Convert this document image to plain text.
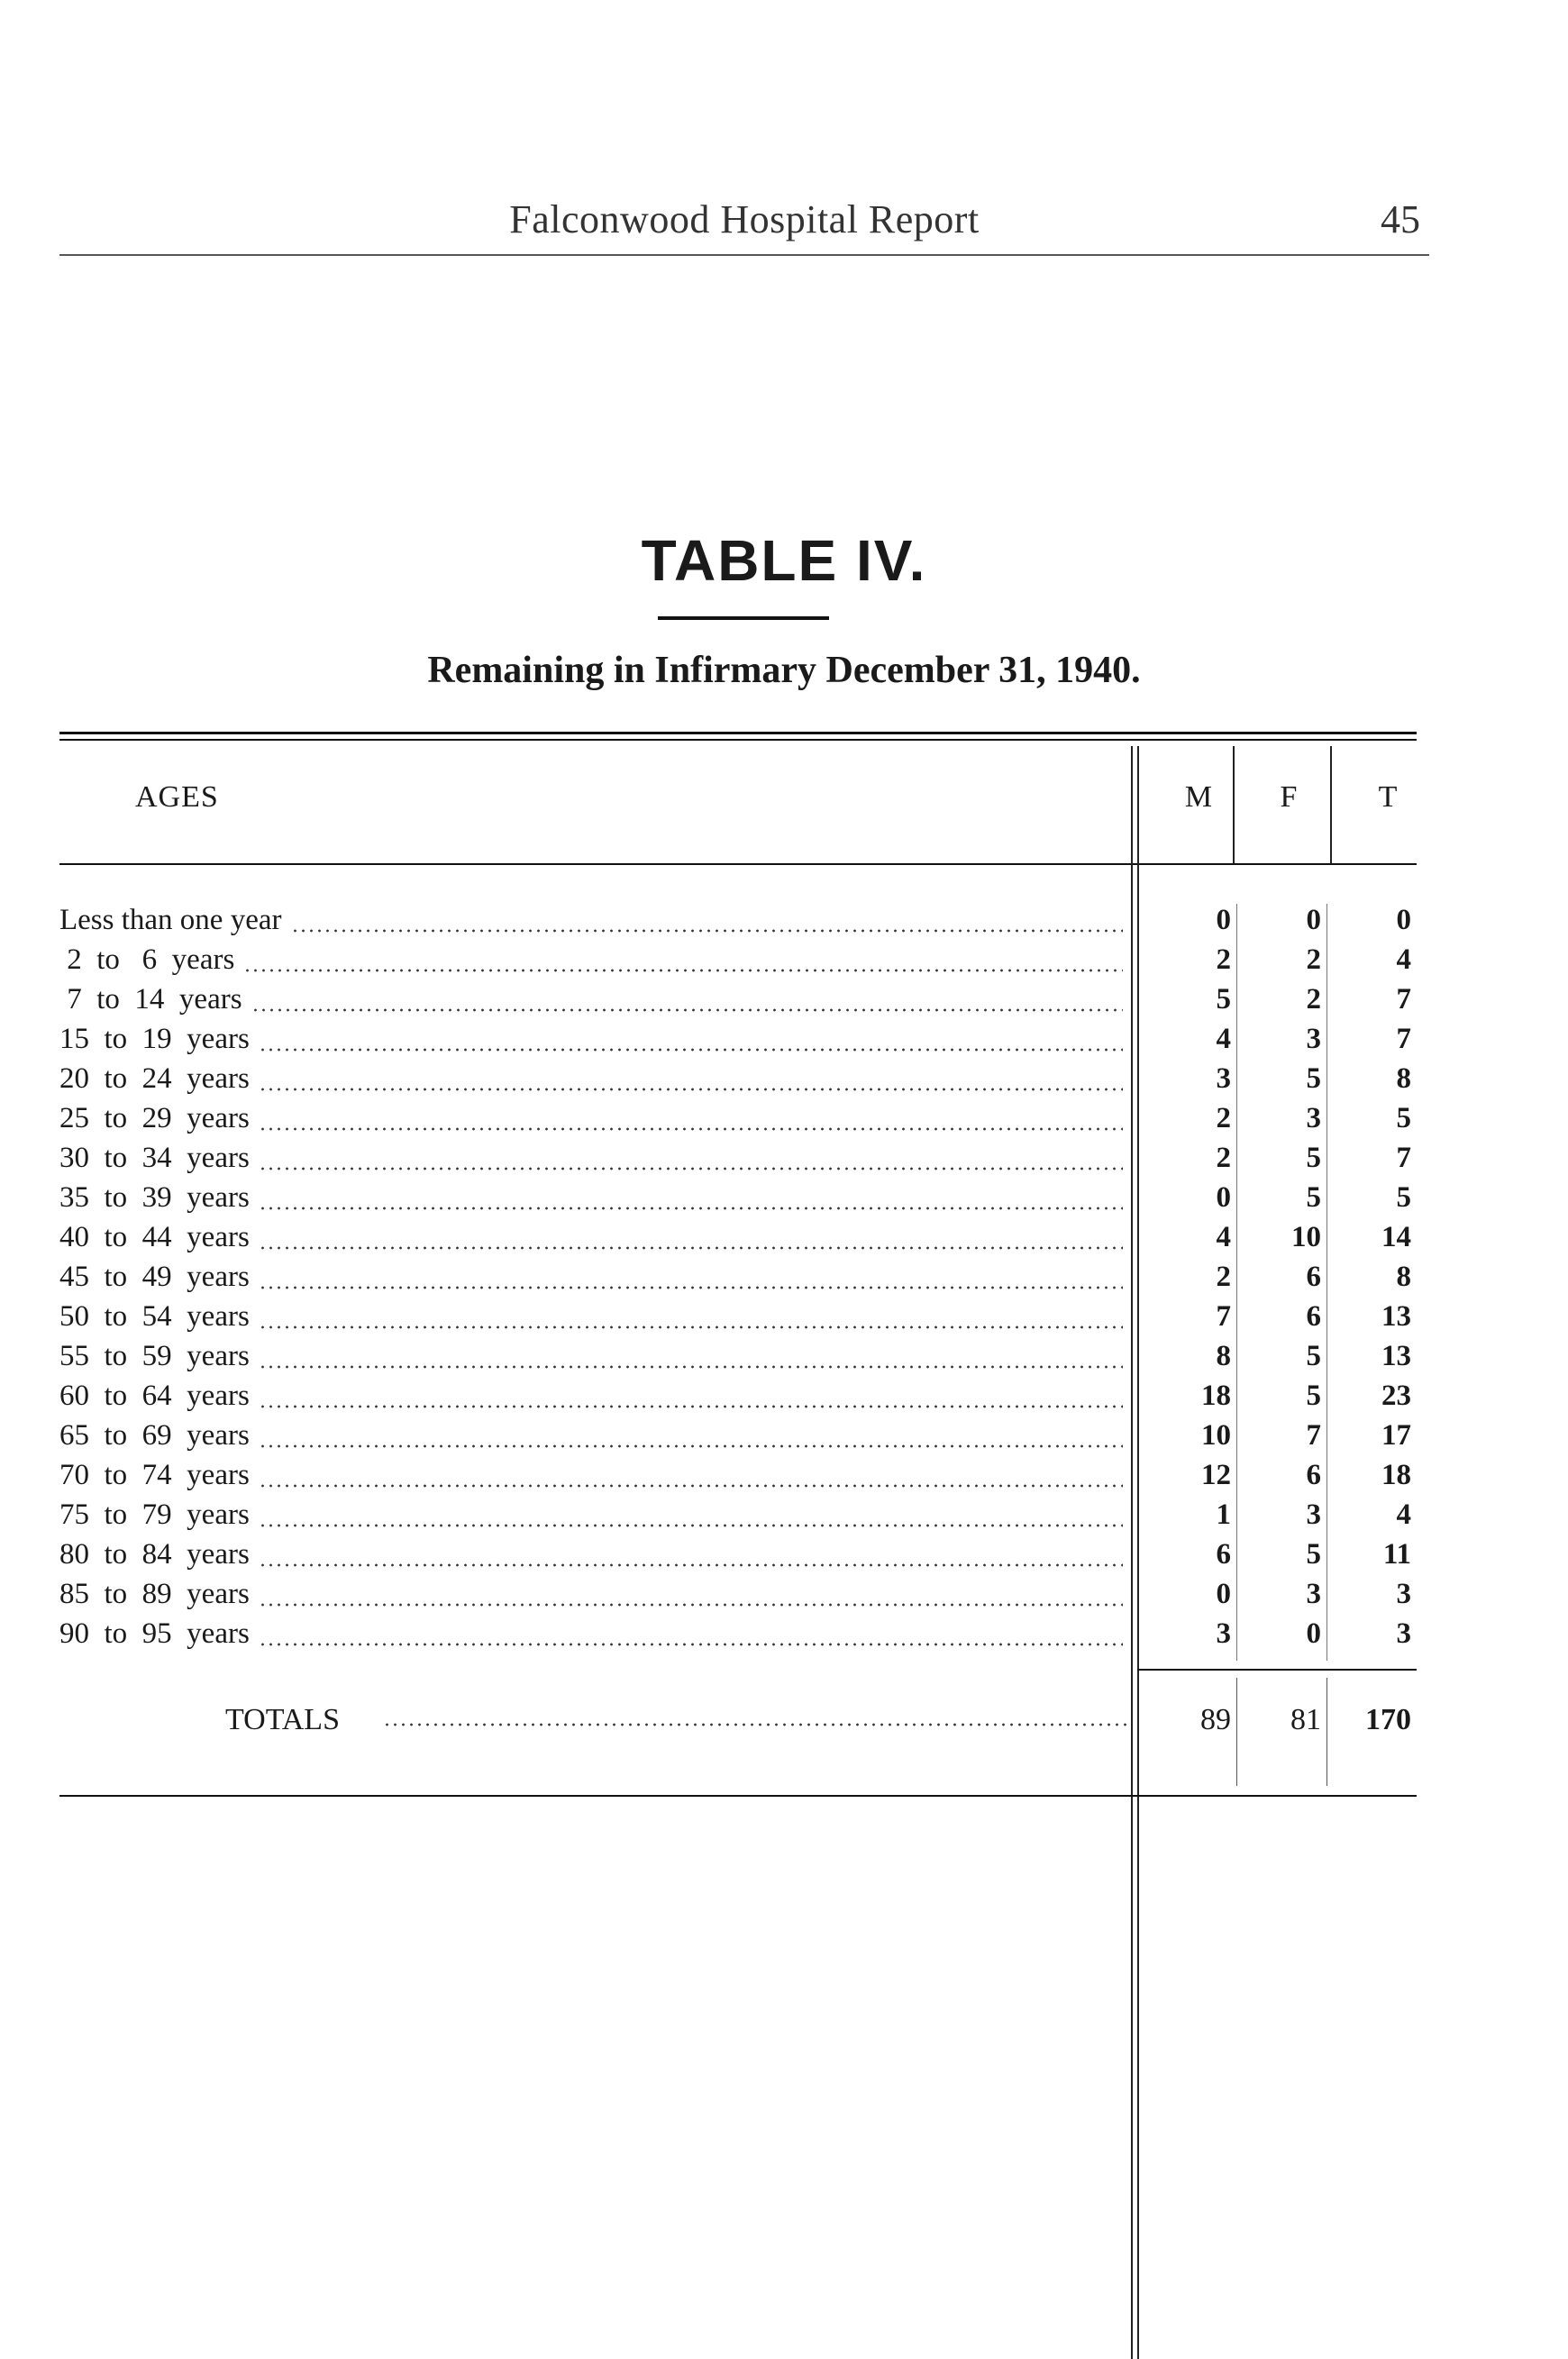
Falconwood Hospital Report	45
TABLE IV.
Remaining in Infirmary December 31, 1940.
AGES	M	F	T
Less than one year	0	0	0
2  to   6  years	2	2	4
7  to  14  years	5	2	7
15  to  19  years	4	3	7
20  to  24  years	3	5	8
25  to  29  years	2	3	5
30  to  34  years	2	5	7
35  to  39  years	0	5	5
40  to  44  years	4	10	14
45  to  49  years	2	6	8
50  to  54  years	7	6	13
55  to  59  years	8	5	13
60  to  64  years	18	5	23
65  to  69  years	10	7	17
70  to  74  years	12	6	18
75  to  79  years	1	3	4
80  to  84  years	6	5	11
85  to  89  years	0	3	3
90  to  95  years	3	0	3
TOTALS	89	81	170
